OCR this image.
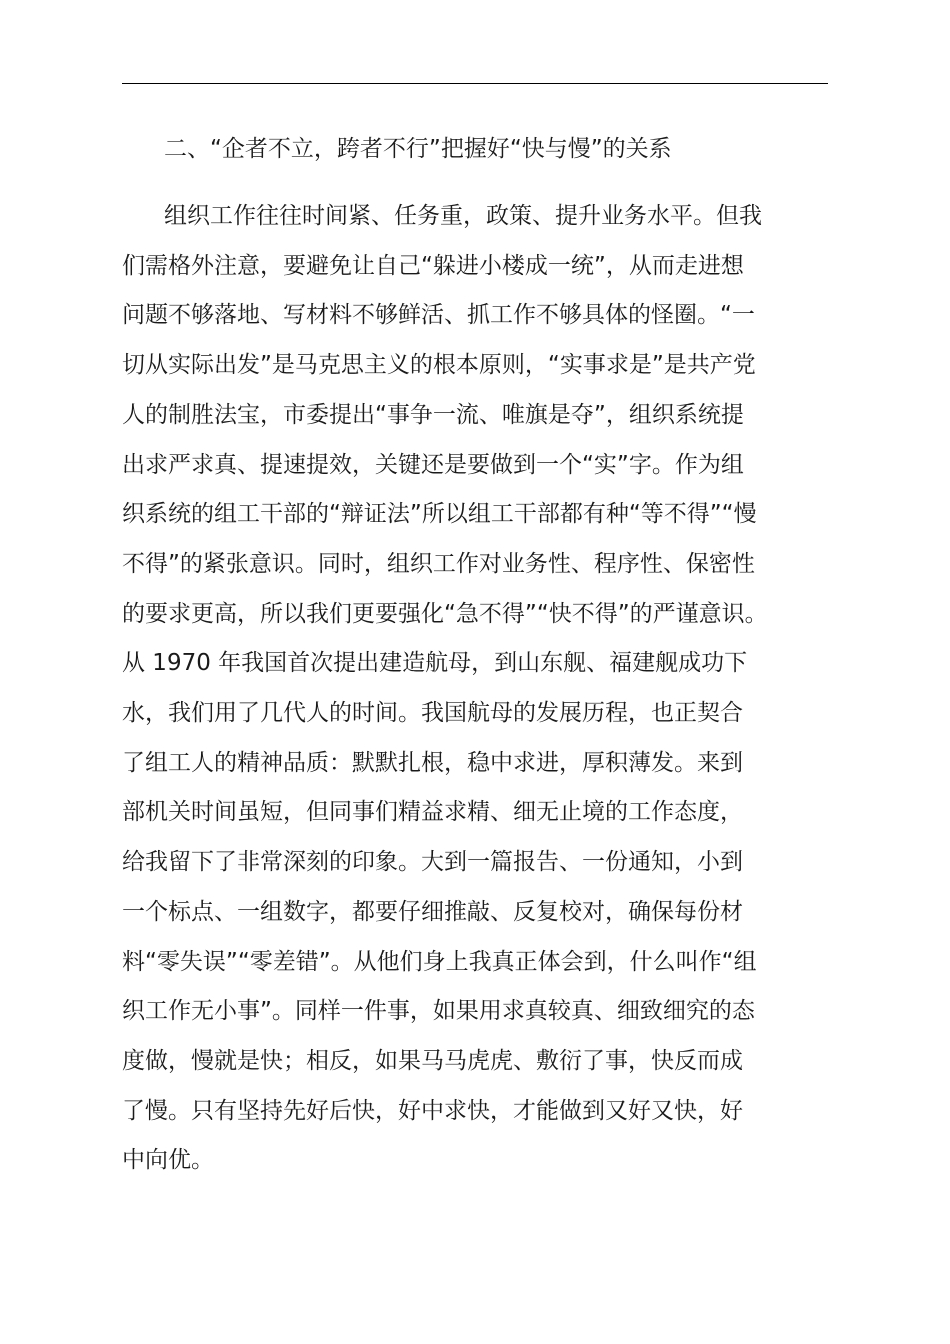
二、“企者不立，跨者不行”把握好“快与慢”的关系
组织工作往往时间紧、任务重，政策、提升业务水平。但我
们需格外注意，要避免让自己“躲进小楼成一统”，从而走进想
问题不够落地、写材料不够鲜活、抓工作不够具体的怪圈。“一
切从实际出发”是马克思主义的根本原则，“实事求是”是共产党
人的制胜法宝，市委提出“事争一流、唯旗是夺”，组织系统提
出求严求真、提速提效，关键还是要做到一个“实”字。作为组
织系统的组工干部的“辩证法”所以组工干部都有种“等不得”“慢
不得”的紧张意识。同时，组织工作对业务性、程序性、保密性
的要求更高，所以我们更要强化“急不得”“快不得”的严谨意识。
从 1970 年我国首次提出建造航母，到山东舰、福建舰成功下
水，我们用了几代人的时间。我国航母的发展历程，也正契合
了组工人的精神品质：默默扎根，稳中求进，厚积薄发。来到
部机关时间虽短，但同事们精益求精、细无止境的工作态度，
给我留下了非常深刻的印象。大到一篇报告、一份通知，小到
一个标点、一组数字，都要仔细推敲、反复校对，确保每份材
料“零失误”“零差错”。从他们身上我真正体会到，什么叫作“组
织工作无小事”。同样一件事，如果用求真较真、细致细究的态
度做，慢就是快；相反，如果马马虎虎、敷衍了事，快反而成
了慢。只有坚持先好后快，好中求快，才能做到又好又快，好
中向优。
